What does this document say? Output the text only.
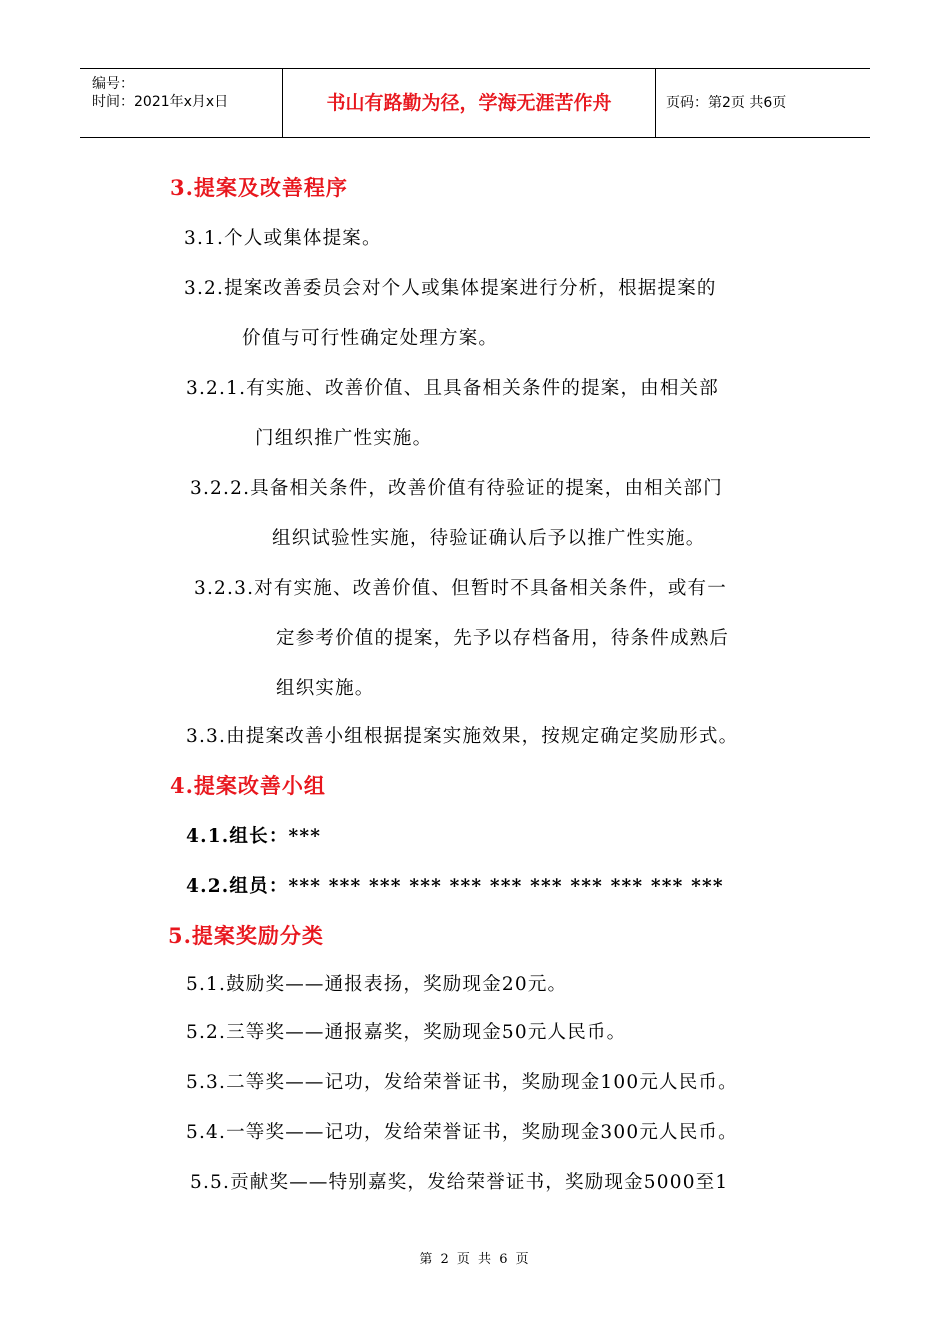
编号：
时间：2021年x月x日	书山有路勤为径，学海无涯苦作舟	页码：第2页 共6页
3.提案及改善程序
3.1.个人或集体提案。
3.2.提案改善委员会对个人或集体提案进行分析，根据提案的
价值与可行性确定处理方案。
3.2.1.有实施、改善价值、且具备相关条件的提案，由相关部
门组织推广性实施。
3.2.2.具备相关条件，改善价值有待验证的提案，由相关部门
组织试验性实施，待验证确认后予以推广性实施。
3.2.3.对有实施、改善价值、但暂时不具备相关条件，或有一
定参考价值的提案，先予以存档备用，待条件成熟后
组织实施。
3.3.由提案改善小组根据提案实施效果，按规定确定奖励形式。
4.提案改善小组
4.1.组长：***
4.2.组员：*** *** *** *** *** *** *** *** *** *** ***
5.提案奖励分类
5.1.鼓励奖——通报表扬，奖励现金20元。
5.2.三等奖——通报嘉奖，奖励现金50元人民币。
5.3.二等奖——记功，发给荣誉证书，奖励现金100元人民币。
5.4.一等奖——记功，发给荣誉证书，奖励现金300元人民币。
5.5.贡献奖——特别嘉奖，发给荣誉证书，奖励现金5000至1
第 2 页 共 6 页
